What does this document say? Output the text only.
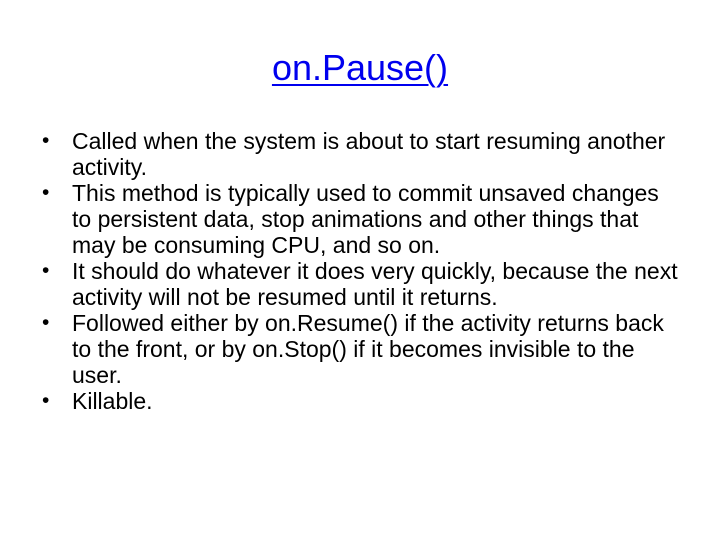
on.Pause()
• Called when the system is about to start resuming another activity.
• This method is typically used to commit unsaved changes to persistent data, stop animations and other things that may be consuming CPU, and so on.
• It should do whatever it does very quickly, because the next activity will not be resumed until it returns.
• Followed either by on.Resume() if the activity returns back to the front, or by on.Stop() if it becomes invisible to the user.
• Killable.
